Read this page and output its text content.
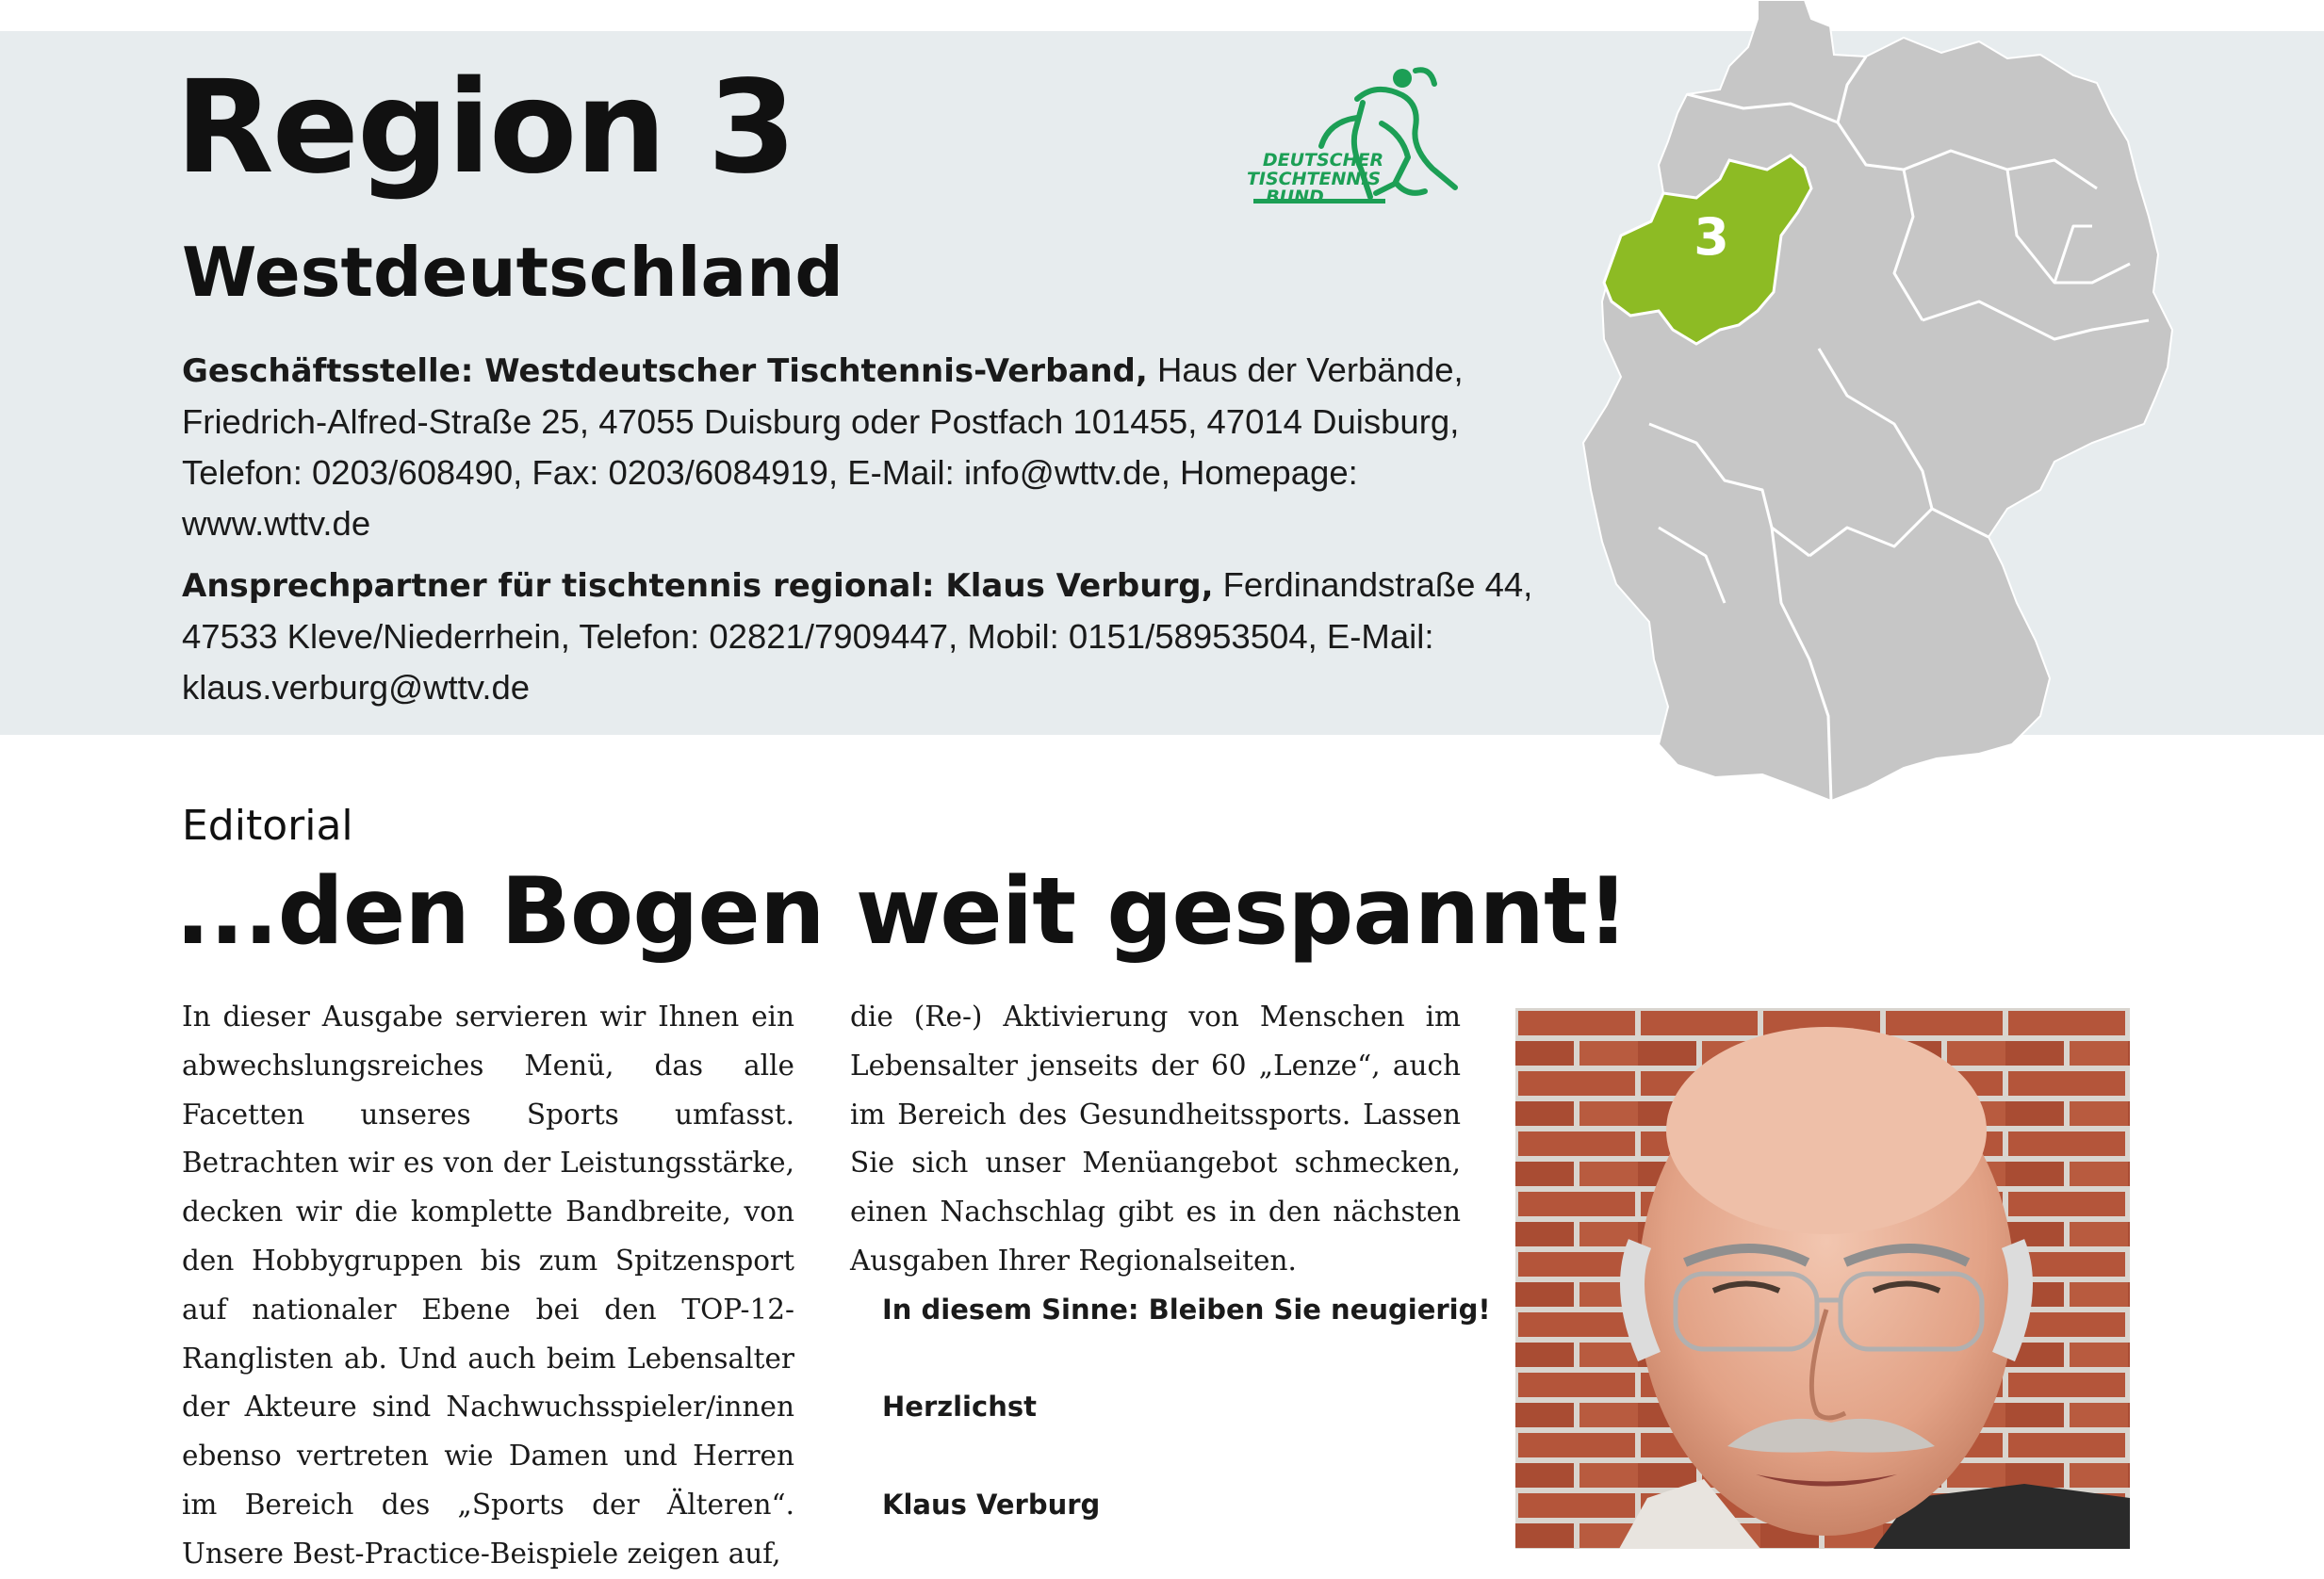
Region 3
Westdeutschland
Geschäftsstelle: Westdeutscher Tischtennis-Verband, Haus der Verbände, Friedrich-Alfred-Straße 25, 47055 Duisburg oder Postfach 101455, 47014 Duisburg, Telefon: 0203/608490, Fax: 0203/6084919, E-Mail: info@wttv.de, Homepage: www.wttv.de
Ansprechpartner für tischtennis regional: Klaus Verburg, Ferdinandstraße 44, 47533 Kleve/Niederrhein, Telefon: 02821/7909447, Mobil: 0151/58953504, E-Mail: klaus.verburg@wttv.de
DEUTSCHER
TISCHTENNIS
BUND
3
Editorial
...den Bogen weit gespannt!

In dieser Ausgabe servieren wir Ihnen ein abwechslungsreiches Menü, das alle Facetten unseres Sports umfasst. Betrachten wir es von der Leistungsstärke, decken wir die komplette Bandbreite, von den Hobbygruppen bis zum Spitzensport auf nationaler Ebene bei den TOP-12-Ranglisten ab. Und auch beim Lebensalter der Akteure sind Nachwuchsspieler/innen ebenso vertreten wie Damen und Herren im Bereich des „Sports der Älteren“. Unsere Best-Practice-Beispiele zeigen auf,

die (Re-) Aktivierung von Menschen im Lebensalter jenseits der 60 „Lenze“, auch im Bereich des Gesundheitssports. Lassen Sie sich unser Menüangebot schmecken, einen Nachschlag gibt es in den nächsten Ausgaben Ihrer Regionalseiten.

In diesem Sinne: Bleiben Sie neugierig!

Herzlichst

Klaus Verburg
